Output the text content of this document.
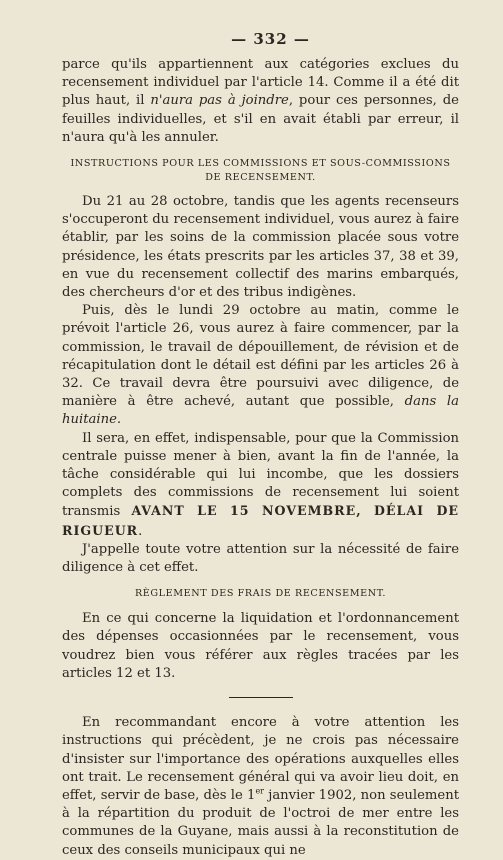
— 332 —

parce qu'ils appartiennent aux catégories exclues du recensement individuel par l'article 14. Comme il a été dit plus haut, il n'aura pas à joindre, pour ces personnes, de feuilles individuelles, et s'il en avait établi par erreur, il n'aura qu'à les annuler.

INSTRUCTIONS POUR LES COMMISSIONS ET SOUS-COMMISSIONS DE RECENSEMENT.

Du 21 au 28 octobre, tandis que les agents recenseurs s'occuperont du recensement individuel, vous aurez à faire établir, par les soins de la commission placée sous votre présidence, les états prescrits par les articles 37, 38 et 39, en vue du recensement collectif des marins embarqués, des chercheurs d'or et des tribus indigènes.

Puis, dès le lundi 29 octobre au matin, comme le prévoit l'article 26, vous aurez à faire commencer, par la commission, le travail de dépouillement, de révision et de récapitulation dont le détail est défini par les articles 26 à 32. Ce travail devra être poursuivi avec diligence, de manière à être achevé, autant que possible, dans la huitaine.

Il sera, en effet, indispensable, pour que la Commission centrale puisse mener à bien, avant la fin de l'année, la tâche considérable qui lui incombe, que les dossiers complets des commissions de recensement lui soient transmis AVANT LE 15 NOVEMBRE, DÉLAI DE RIGUEUR.

J'appelle toute votre attention sur la nécessité de faire diligence à cet effet.

RÈGLEMENT DES FRAIS DE RECENSEMENT.

En ce qui concerne la liquidation et l'ordonnancement des dépenses occasionnées par le recensement, vous voudrez bien vous référer aux règles tracées par les articles 12 et 13.

En recommandant encore à votre attention les instructions qui précèdent, je ne crois pas nécessaire d'insister sur l'importance des opérations auxquelles elles ont trait. Le recensement général qui va avoir lieu doit, en effet, servir de base, dès le 1er janvier 1902, non seulement à la répartition du produit de l'octroi de mer entre les communes de la Guyane, mais aussi à la reconstitution de ceux des conseils municipaux qui ne
